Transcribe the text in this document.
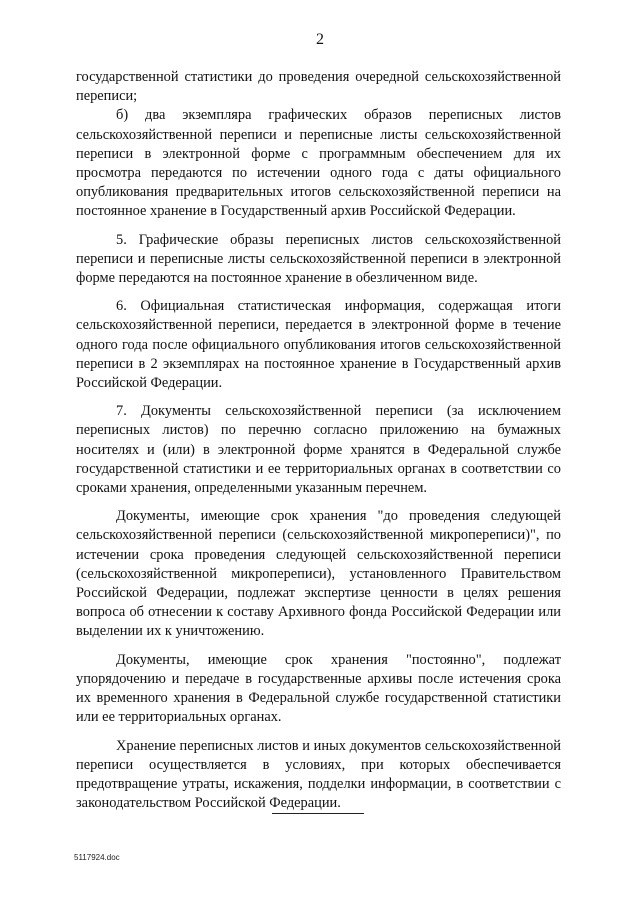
2

государственной статистики до проведения очередной сельскохозяйственной переписи;

б) два экземпляра графических образов переписных листов сельскохозяйственной переписи и переписные листы сельскохозяйственной переписи в электронной форме с программным обеспечением для их просмотра передаются по истечении одного года с даты официального опубликования предварительных итогов сельскохозяйственной переписи на постоянное хранение в Государственный архив Российской Федерации.

5. Графические образы переписных листов сельскохозяйственной переписи и переписные листы сельскохозяйственной переписи в электронной форме передаются на постоянное хранение в обезличенном виде.

6. Официальная статистическая информация, содержащая итоги сельскохозяйственной переписи, передается в электронной форме в течение одного года после официального опубликования итогов сельскохозяйственной переписи в 2 экземплярах на постоянное хранение в Государственный архив Российской Федерации.

7. Документы сельскохозяйственной переписи (за исключением переписных листов) по перечню согласно приложению на бумажных носителях и (или) в электронной форме хранятся в Федеральной службе государственной статистики и ее территориальных органах в соответствии со сроками хранения, определенными указанным перечнем.

Документы, имеющие срок хранения "до проведения следующей сельскохозяйственной переписи (сельскохозяйственной микропереписи)", по истечении срока проведения следующей сельскохозяйственной переписи (сельскохозяйственной микропереписи), установленного Правительством Российской Федерации, подлежат экспертизе ценности в целях решения вопроса об отнесении к составу Архивного фонда Российской Федерации или выделении их к уничтожению.

Документы, имеющие срок хранения "постоянно", подлежат упорядочению и передаче в государственные архивы после истечения срока их временного хранения в Федеральной службе государственной статистики или ее территориальных органах.

Хранение переписных листов и иных документов сельскохозяйственной переписи осуществляется в условиях, при которых обеспечивается предотвращение утраты, искажения, подделки информации, в соответствии с законодательством Российской Федерации.

5117924.doc
